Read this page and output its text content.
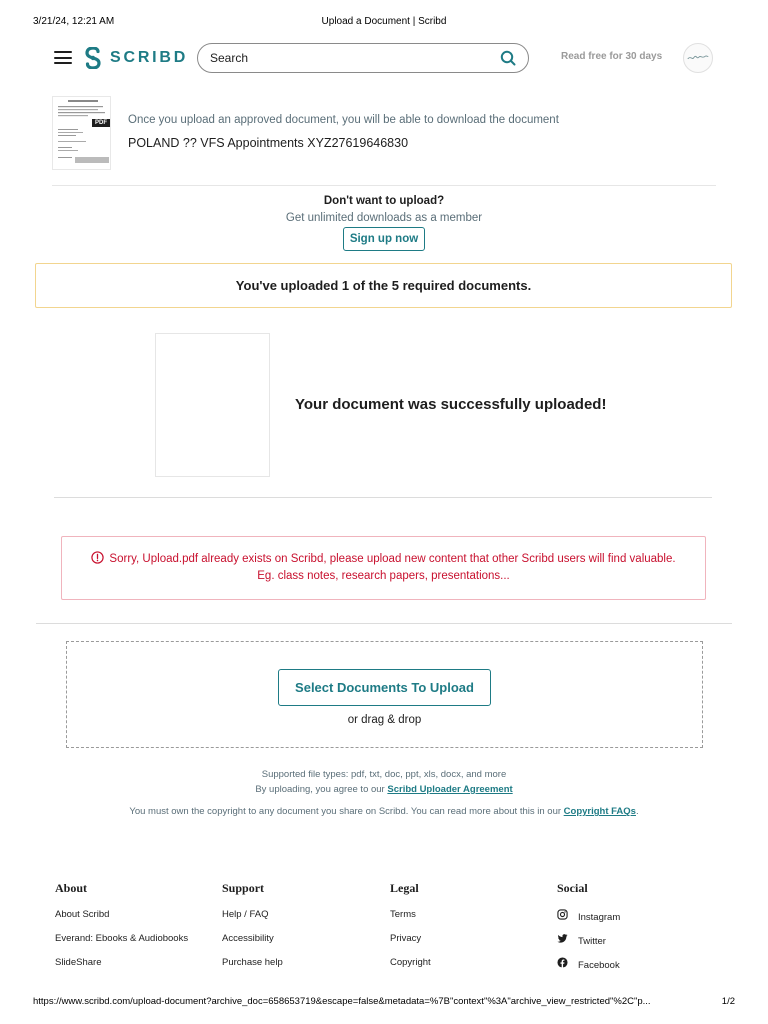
3/21/24, 12:21 AM	Upload a Document | Scribd
SCRIBD
Search	Read free for 30 days
PDF Once you upload an approved document, you will be able to download the document
POLAND ?? VFS Appointments XYZ27619646830
Don't want to upload?
Get unlimited downloads as a member
Sign up now
You've uploaded 1 of the 5 required documents.
Your document was successfully uploaded!
Sorry, Upload.pdf already exists on Scribd, please upload new content that other Scribd users will find valuable.
Eg. class notes, research papers, presentations...
Select Documents To Upload
or drag & drop
Supported file types: pdf, txt, doc, ppt, xls, docx, and more
By uploading, you agree to our Scribd Uploader Agreement
You must own the copyright to any document you share on Scribd. You can read more about this in our Copyright FAQs.
About
About Scribd
Everand: Ebooks & Audiobooks
SlideShare
Support
Help / FAQ
Accessibility
Purchase help
Legal
Terms
Privacy
Copyright
Social
Instagram
Twitter
Facebook
https://www.scribd.com/upload-document?archive_doc=658653719&escape=false&metadata=%7B"context"%3A"archive_view_restricted"%2C"p...	1/2
